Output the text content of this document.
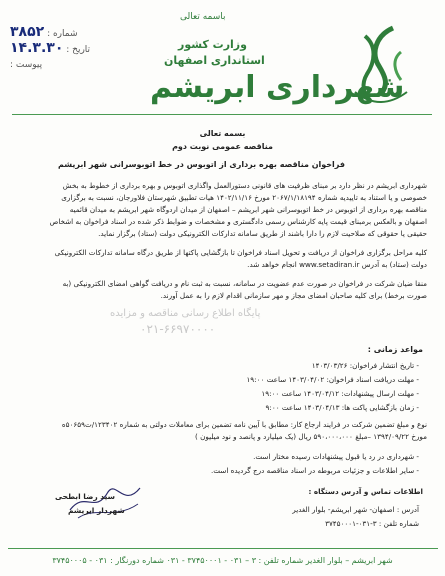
باسمه تعالی
وزارت کشور
استانداری اصفهان
شهرداری ابریشم
شماره : ۳۸۵۲
تاریخ : ۱۴.۳.۳۰
پیوست :
بسمه تعالی
مناقصه عمومی نوبت دوم
فراخوان مناقصه بهره برداری از اتوبوس در خط اتوبوسرانی شهر ابریشم
شهرداری ابریشم در نظر دارد بر مبنای ظرفیت های قانونی دستورالعمل واگذاری اتوبوس و بهره برداری از خطوط به بخش
خصوصی و یا استناد به تاییدیه شماره ۲۰۶۷/۱/۱۸۱۹۴ مورخ ۱۴۰۲/۱۱/۱۶ هیات تطبیق شهرستان فلاورجان، نسبت به برگزاری
مناقصه بهره برداری از اتوبوس در خط اتوبوسرانی شهر ابریشم – اصفهان از میدان اردوگاه شهر ابریشم به میدان قائمیه
اصفهان و بالعکس برمبنای قیمت پایه کارشناس رسمی دادگستری و مشخصات و ضوابط ذکر شده در اسناد فراخوان به اشخاص
حقیقی یا حقوقی که صلاحیت لازم را دارا باشند از طریق سامانه تدارکات الکترونیکی دولت (ستاد) برگزار نماید.
کلیه مراحل برگزاری فراخوان از دریافت و تحویل اسناد فراخوان تا بازگشایی پاکتها از طریق درگاه سامانه تدارکات الکترونیکی
دولت (ستاد) به آدرس www.setadiran.ir انجام خواهد شد.
منقا ضیان شرکت در فراخوان در صورت عدم عضویت در سامانه، نسبت به ثبت نام و دریافت گواهی امضای الکترونیکی (به
صورت برخط) برای کلیه صاحبان امضای مجاز و مهر سازمانی اقدام لازم را به عمل آورند.
پایگاه اطلاع رسانی مناقصه و مزایده
۰۲۱-۶۶۹۷۰۰۰۰
مواعد زمانی :
- تاریخ انتشار فراخوان: ۱۴۰۳/۰۳/۲۶
- مهلت دریافت اسناد فراخوان: ۱۴۰۳/۰۴/۰۲ ساعت ۱۹:۰۰
- مهلت ارسال پیشنهادات: ۱۴۰۳/۰۴/۱۲ ساعت ۱۹:۰۰
- زمان بازگشایی پاکت ها: ۱۴۰۳/۰۴/۱۳ ساعت ۹:۰۰
نوع و مبلغ تضمین شرکت در فرایند ارجاع کار: مطابق با آیین نامه تضمین برای معاملات دولتی به شماره ۱۲۳۴۰۲/ت۵۰۶۵۹ه
مورخ ۱۳۹۴/۰۹/۲۲ –مبلغ ۵۹۰،۰۰۰،۰۰۰ ریال (یک میلیارد و پانصد و نود میلیون )
- شهرداری در رد یا قبول پیشنهادات رسیده مختار است.
- سایر اطلاعات و جزئیات مربوطه در اسناد مناقصه درج گردیده است.
اطلاعات تماس و آدرس دستگاه :
آدرس : اصفهان- شهر ابریشم- بلوار الغدیر
شماره تلفن : ۳-۰۳۱-۳۷۴۵۰۰۰۱
سید رضا ابطحی
شهردار ابریشم
شهر ابریشم – بلوار الغدیر شماره تلفن : ۳ – ۰۳۱ - ۳۷۴۵۰۰۰۱ - ۰۳۱ شماره دورنگار : ۰۳۱ - ۳۷۴۵۰۰۰۵
